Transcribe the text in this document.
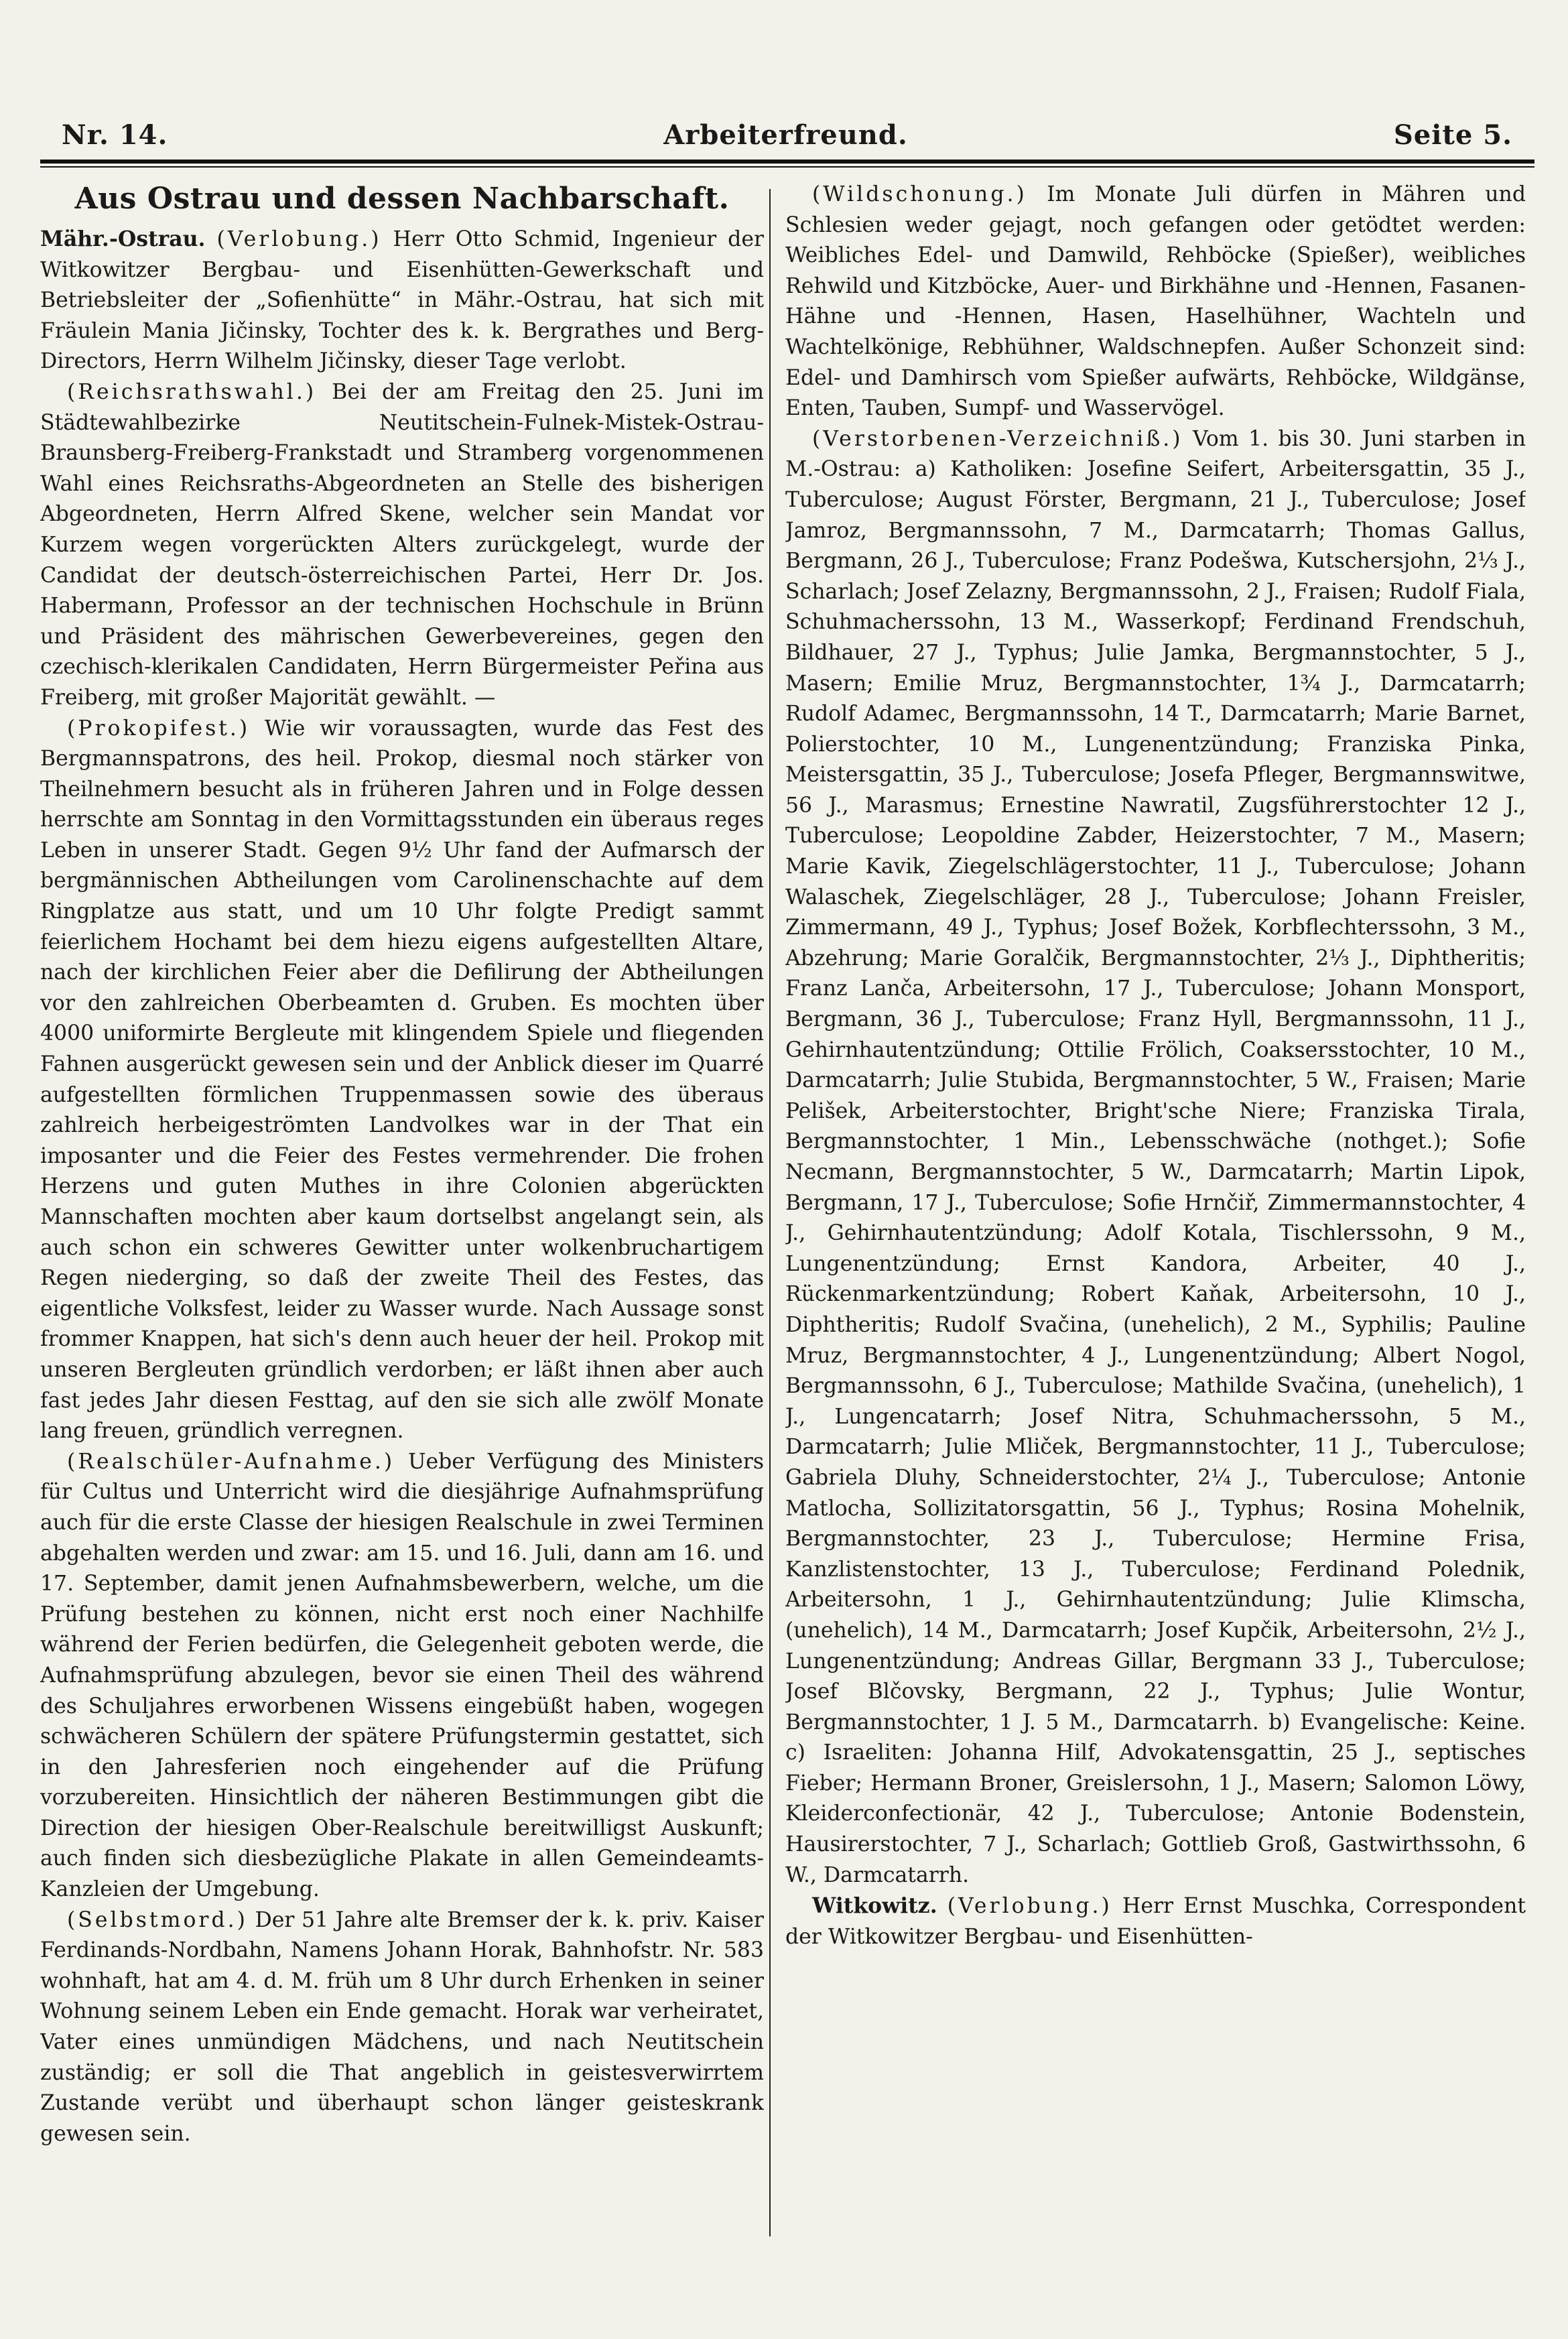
Nr. 14.	Arbeiterfreund.	Seite 5.
Aus Ostrau und dessen Nachbarschaft.

Mähr.-Ostrau. (Verlobung.) Herr Otto Schmid, Ingenieur der Witkowitzer Bergbau- und Eisenhütten-Gewerkschaft und Betriebsleiter der „Sofienhütte“ in Mähr.-Ostrau, hat sich mit Fräulein Mania Jičinsky, Tochter des k. k. Bergrathes und Berg-Directors, Herrn Wilhelm Jičinsky, dieser Tage verlobt.

(Reichsrathswahl.) Bei der am Freitag den 25. Juni im Städtewahlbezirke Neutitschein-Fulnek-Mistek-Ostrau-Braunsberg-Freiberg-Frankstadt und Stramberg vorgenommenen Wahl eines Reichsraths-Abgeordneten an Stelle des bisherigen Abgeordneten, Herrn Alfred Skene, welcher sein Mandat vor Kurzem wegen vorgerückten Alters zurückgelegt, wurde der Candidat der deutsch-österreichischen Partei, Herr Dr. Jos. Habermann, Professor an der technischen Hochschule in Brünn und Präsident des mährischen Gewerbevereines, gegen den czechisch-klerikalen Candidaten, Herrn Bürgermeister Peřina aus Freiberg, mit großer Majorität gewählt. —

(Prokopifest.) Wie wir voraussagten, wurde das Fest des Bergmannspatrons, des heil. Prokop, diesmal noch stärker von Theilnehmern besucht als in früheren Jahren und in Folge dessen herrschte am Sonntag in den Vormittagsstunden ein überaus reges Leben in unserer Stadt. Gegen 9½ Uhr fand der Aufmarsch der bergmännischen Abtheilungen vom Carolinenschachte auf dem Ringplatze aus statt, und um 10 Uhr folgte Predigt sammt feierlichem Hochamt bei dem hiezu eigens aufgestellten Altare, nach der kirchlichen Feier aber die Defilirung der Abtheilungen vor den zahlreichen Oberbeamten d. Gruben. Es mochten über 4000 uniformirte Bergleute mit klingendem Spiele und fliegenden Fahnen ausgerückt gewesen sein und der Anblick dieser im Quarré aufgestellten förmlichen Truppenmassen sowie des überaus zahlreich herbeigeströmten Landvolkes war in der That ein imposanter und die Feier des Festes vermehrender. Die frohen Herzens und guten Muthes in ihre Colonien abgerückten Mannschaften mochten aber kaum dortselbst angelangt sein, als auch schon ein schweres Gewitter unter wolkenbruchartigem Regen niederging, so daß der zweite Theil des Festes, das eigentliche Volksfest, leider zu Wasser wurde. Nach Aussage sonst frommer Knappen, hat sich's denn auch heuer der heil. Prokop mit unseren Bergleuten gründlich verdorben; er läßt ihnen aber auch fast jedes Jahr diesen Festtag, auf den sie sich alle zwölf Monate lang freuen, gründlich verregnen.

(Realschüler-Aufnahme.) Ueber Verfügung des Ministers für Cultus und Unterricht wird die diesjährige Aufnahmsprüfung auch für die erste Classe der hiesigen Realschule in zwei Terminen abgehalten werden und zwar: am 15. und 16. Juli, dann am 16. und 17. September, damit jenen Aufnahmsbewerbern, welche, um die Prüfung bestehen zu können, nicht erst noch einer Nachhilfe während der Ferien bedürfen, die Gelegenheit geboten werde, die Aufnahmsprüfung abzulegen, bevor sie einen Theil des während des Schuljahres erworbenen Wissens eingebüßt haben, wogegen schwächeren Schülern der spätere Prüfungstermin gestattet, sich in den Jahresferien noch eingehender auf die Prüfung vorzubereiten. Hinsichtlich der näheren Bestimmungen gibt die Direction der hiesigen Ober-Realschule bereitwilligst Auskunft; auch finden sich diesbezügliche Plakate in allen Gemeindeamts-Kanzleien der Umgebung.

(Selbstmord.) Der 51 Jahre alte Bremser der k. k. priv. Kaiser Ferdinands-Nordbahn, Namens Johann Horak, Bahnhofstr. Nr. 583 wohnhaft, hat am 4. d. M. früh um 8 Uhr durch Erhenken in seiner Wohnung seinem Leben ein Ende gemacht. Horak war verheiratet, Vater eines unmündigen Mädchens, und nach Neutitschein zuständig; er soll die That angeblich in geistesverwirrtem Zustande verübt und überhaupt schon länger geisteskrank gewesen sein.

(Wildschonung.) Im Monate Juli dürfen in Mähren und Schlesien weder gejagt, noch gefangen oder getödtet werden: Weibliches Edel- und Damwild, Rehböcke (Spießer), weibliches Rehwild und Kitzböcke, Auer- und Birkhähne und -Hennen, Fasanen-Hähne und -Hennen, Hasen, Haselhühner, Wachteln und Wachtelkönige, Rebhühner, Waldschnepfen. Außer Schonzeit sind: Edel- und Damhirsch vom Spießer aufwärts, Rehböcke, Wildgänse, Enten, Tauben, Sumpf- und Wasservögel.

(Verstorbenen-Verzeichniß.) Vom 1. bis 30. Juni starben in M.-Ostrau: a) Katholiken: Josefine Seifert, Arbeitersgattin, 35 J., Tuberculose; August Förster, Bergmann, 21 J., Tuberculose; Josef Jamroz, Bergmannssohn, 7 M., Darmcatarrh; Thomas Gallus, Bergmann, 26 J., Tuberculose; Franz Podešwa, Kutschersjohn, 2⅓ J., Scharlach; Josef Zelazny, Bergmannssohn, 2 J., Fraisen; Rudolf Fiala, Schuhmacherssohn, 13 M., Wasserkopf; Ferdinand Frendschuh, Bildhauer, 27 J., Typhus; Julie Jamka, Bergmannstochter, 5 J., Masern; Emilie Mruz, Bergmannstochter, 1¾ J., Darmcatarrh; Rudolf Adamec, Bergmannssohn, 14 T., Darmcatarrh; Marie Barnet, Polierstochter, 10 M., Lungenentzündung; Franziska Pinka, Meistersgattin, 35 J., Tuberculose; Josefa Pfleger, Bergmannswitwe, 56 J., Marasmus; Ernestine Nawratil, Zugsführerstochter 12 J., Tuberculose; Leopoldine Zabder, Heizerstochter, 7 M., Masern; Marie Kavik, Ziegelschlägerstochter, 11 J., Tuberculose; Johann Walaschek, Ziegelschläger, 28 J., Tuberculose; Johann Freisler, Zimmermann, 49 J., Typhus; Josef Božek, Korbflechterssohn, 3 M., Abzehrung; Marie Goralčik, Bergmannstochter, 2⅓ J., Diphtheritis; Franz Lanča, Arbeitersohn, 17 J., Tuberculose; Johann Monsport, Bergmann, 36 J., Tuberculose; Franz Hyll, Bergmannssohn, 11 J., Gehirnhautentzündung; Ottilie Frölich, Coaksersstochter, 10 M., Darmcatarrh; Julie Stubida, Bergmannstochter, 5 W., Fraisen; Marie Pelišek, Arbeiterstochter, Bright'sche Niere; Franziska Tirala, Bergmannstochter, 1 Min., Lebensschwäche (nothget.); Sofie Necmann, Bergmannstochter, 5 W., Darmcatarrh; Martin Lipok, Bergmann, 17 J., Tuberculose; Sofie Hrnčiř, Zimmermannstochter, 4 J., Gehirnhautentzündung; Adolf Kotala, Tischlerssohn, 9 M., Lungenentzündung; Ernst Kandora, Arbeiter, 40 J., Rückenmarkentzündung; Robert Kaňak, Arbeitersohn, 10 J., Diphtheritis; Rudolf Svačina, (unehelich), 2 M., Syphilis; Pauline Mruz, Bergmannstochter, 4 J., Lungenentzündung; Albert Nogol, Bergmannssohn, 6 J., Tuberculose; Mathilde Svačina, (unehelich), 1 J., Lungencatarrh; Josef Nitra, Schuhmacherssohn, 5 M., Darmcatarrh; Julie Mliček, Bergmannstochter, 11 J., Tuberculose; Gabriela Dluhy, Schneiderstochter, 2¼ J., Tuberculose; Antonie Matlocha, Sollizitatorsgattin, 56 J., Typhus; Rosina Mohelnik, Bergmannstochter, 23 J., Tuberculose; Hermine Frisa, Kanzlistenstochter, 13 J., Tuberculose; Ferdinand Polednik, Arbeitersohn, 1 J., Gehirnhautentzündung; Julie Klimscha, (unehelich), 14 M., Darmcatarrh; Josef Kupčik, Arbeitersohn, 2½ J., Lungenentzündung; Andreas Gillar, Bergmann 33 J., Tuberculose; Josef Blčovsky, Bergmann, 22 J., Typhus; Julie Wontur, Bergmannstochter, 1 J. 5 M., Darmcatarrh. b) Evangelische: Keine. c) Israeliten: Johanna Hilf, Advokatensgattin, 25 J., septisches Fieber; Hermann Broner, Greislersohn, 1 J., Masern; Salomon Löwy, Kleiderconfectionär, 42 J., Tuberculose; Antonie Bodenstein, Hausirerstochter, 7 J., Scharlach; Gottlieb Groß, Gastwirthssohn, 6 W., Darmcatarrh.

Witkowitz. (Verlobung.) Herr Ernst Muschka, Correspondent der Witkowitzer Bergbau- und Eisenhütten-
